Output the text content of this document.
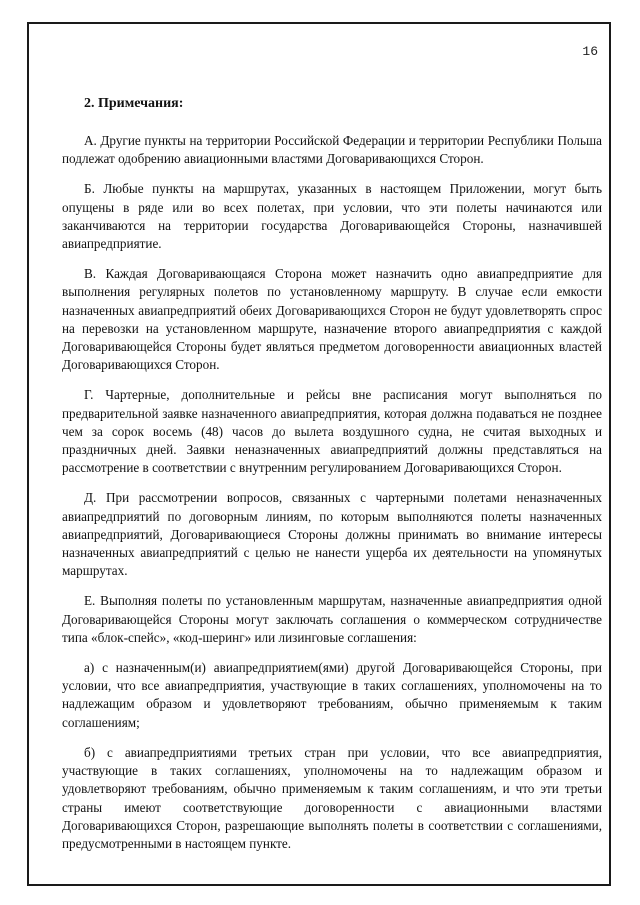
16

2. Примечания:

А. Другие пункты на территории Российской Федерации и территории Республики Польша подлежат одобрению авиационными властями Договаривающихся Сторон.

Б. Любые пункты на маршрутах, указанных в настоящем Приложении, могут быть опущены в ряде или во всех полетах, при условии, что эти полеты начинаются или заканчиваются на территории государства Договаривающейся Стороны, назначившей авиапредприятие.

В. Каждая Договаривающаяся Сторона может назначить одно авиапредприятие для выполнения регулярных полетов по установленному маршруту. В случае если емкости назначенных авиапредприятий обеих Договаривающихся Сторон не будут удовлетворять спрос на перевозки на установленном маршруте, назначение второго авиапредприятия с каждой Договаривающейся Стороны будет являться предметом договоренности авиационных властей Договаривающихся Сторон.

Г. Чартерные, дополнительные и рейсы вне расписания могут выполняться по предварительной заявке назначенного авиапредприятия, которая должна подаваться не позднее чем за сорок восемь (48) часов до вылета воздушного судна, не считая выходных и праздничных дней. Заявки неназначенных авиапредприятий должны представляться на рассмотрение в соответствии с внутренним регулированием Договаривающихся Сторон.

Д. При рассмотрении вопросов, связанных с чартерными полетами неназначенных авиапредприятий по договорным линиям, по которым выполняются полеты назначенных авиапредприятий, Договаривающиеся Стороны должны принимать во внимание интересы назначенных авиапредприятий с целью не нанести ущерба их деятельности на упомянутых маршрутах.

Е. Выполняя полеты по установленным маршрутам, назначенные авиапредприятия одной Договаривающейся Стороны могут заключать соглашения о коммерческом сотрудничестве типа «блок-спейс», «код-шеринг» или лизинговые соглашения:

а) с назначенным(и) авиапредприятием(ями) другой Договаривающейся Стороны, при условии, что все авиапредприятия, участвующие в таких соглашениях, уполномочены на то надлежащим образом и удовлетворяют требованиям, обычно применяемым к таким соглашениям;

б) с авиапредприятиями третьих стран при условии, что все авиапредприятия, участвующие в таких соглашениях, уполномочены на то надлежащим образом и удовлетворяют требованиям, обычно применяемым к таким соглашениям, и что эти третьи страны имеют соответствующие договоренности с авиационными властями Договаривающихся Сторон, разрешающие выполнять полеты в соответствии с соглашениями, предусмотренными в настоящем пункте.
